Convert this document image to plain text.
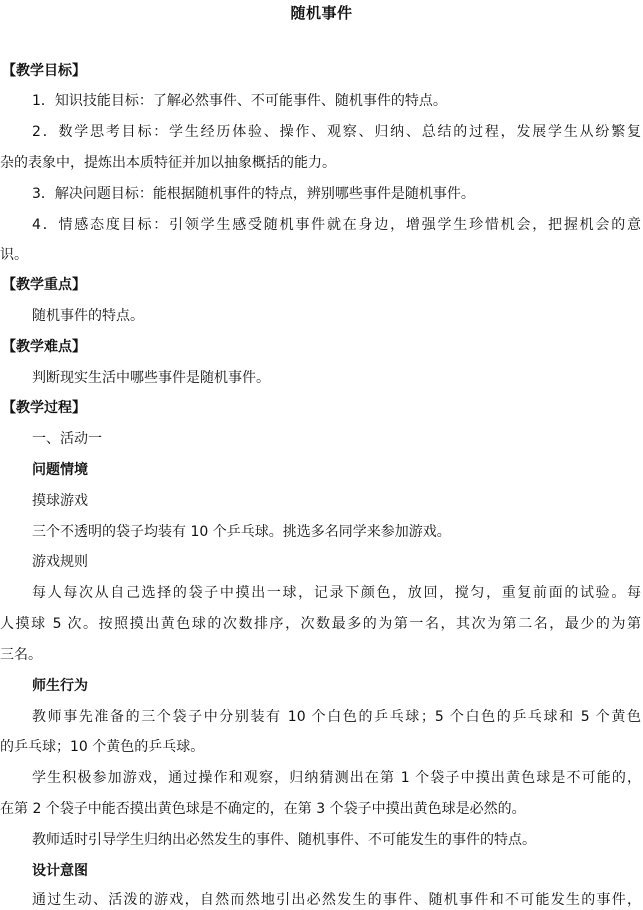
随机事件
【教学目标】
1．知识技能目标：了解必然事件、不可能事件、随机事件的特点。
2．数学思考目标：学生经历体验、操作、观察、归纳、总结的过程，发展学生从纷繁复
杂的表象中，提炼出本质特征并加以抽象概括的能力。
3．解决问题目标：能根据随机事件的特点，辨别哪些事件是随机事件。
4．情感态度目标：引领学生感受随机事件就在身边，增强学生珍惜机会，把握机会的意
识。
【教学重点】
随机事件的特点。
【教学难点】
判断现实生活中哪些事件是随机事件。
【教学过程】
一、活动一
问题情境
摸球游戏
三个不透明的袋子均装有 10 个乒乓球。挑选多名同学来参加游戏。
游戏规则
每人每次从自己选择的袋子中摸出一球，记录下颜色，放回，搅匀，重复前面的试验。每
人摸球 5 次。按照摸出黄色球的次数排序，次数最多的为第一名，其次为第二名，最少的为第
三名。
师生行为
教师事先准备的三个袋子中分别装有 10 个白色的乒乓球；5 个白色的乒乓球和 5 个黄色
的乒乓球；10 个黄色的乒乓球。
学生积极参加游戏，通过操作和观察，归纳猜测出在第 1 个袋子中摸出黄色球是不可能的，
在第 2 个袋子中能否摸出黄色球是不确定的，在第 3 个袋子中摸出黄色球是必然的。
教师适时引导学生归纳出必然发生的事件、随机事件、不可能发生的事件的特点。
设计意图
通过生动、活泼的游戏，自然而然地引出必然发生的事件、随机事件和不可能发生的事件，
